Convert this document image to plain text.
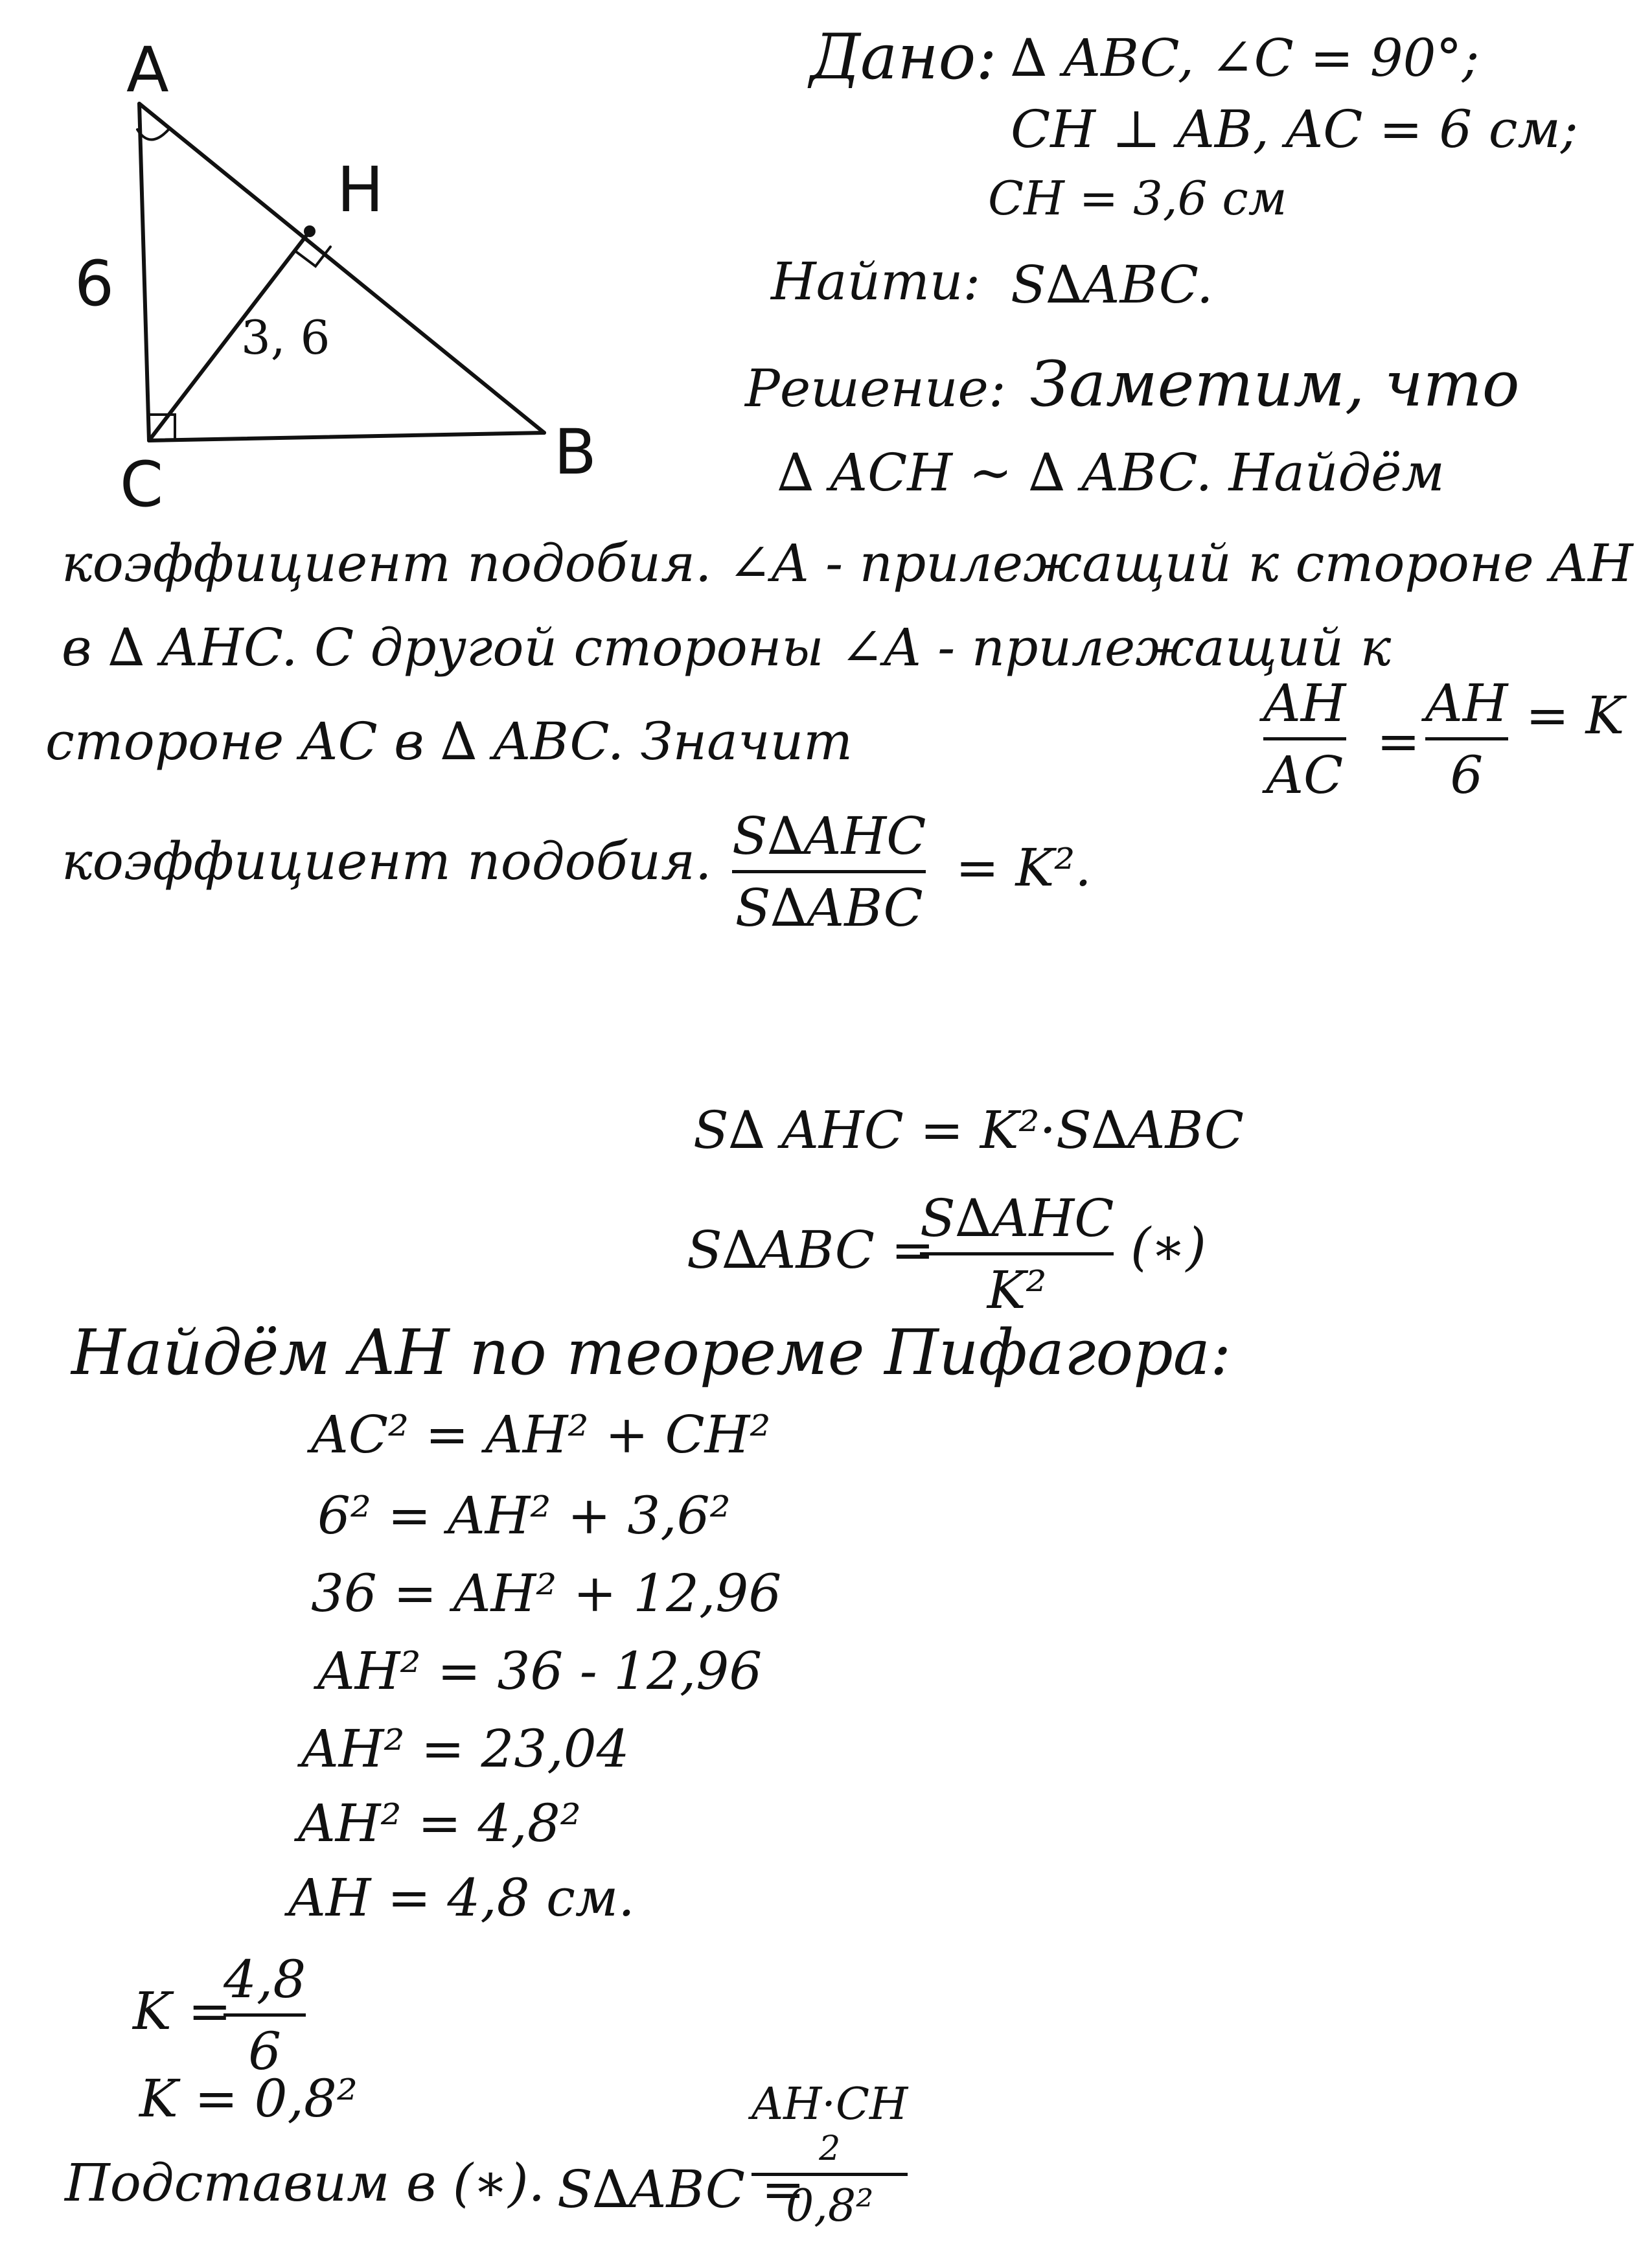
A
H
C	B
6
3, 6
Дано: ∆ ABC, ∠C = 90°;
CH ⊥ AB, AC = 6 см;
CH = 3,6 см
Найти: S∆ABC.
Решение: Заметим, что
∆ ACH ∼ ∆ ABC. Найдём
коэффициент подобия. ∠A - прилежащий к стороне AH
в ∆ AHC. С другой стороны ∠A - прилежащий к
стороне AC в ∆ ABC. Значит
AH
AC
=
AH
6
= K
коэффициент подобия. S∆AHC
S∆ABC
= K².
S∆ AHC = K²·S∆ABC
S∆ABC =
S∆AHC
K²
(∗)
Найдём AH по теореме Пифагора:
AC² = AH² + CH²
6² = AH² + 3,6²
36 = AH² + 12,96
AH² = 36 - 12,96
AH² = 23,04
AH² = 4,8²
AH = 4,8 см.
K =
4,8
6
K = 0,8²
Подставим в (∗). S∆ABC =
AH·CH
2
0,8²
